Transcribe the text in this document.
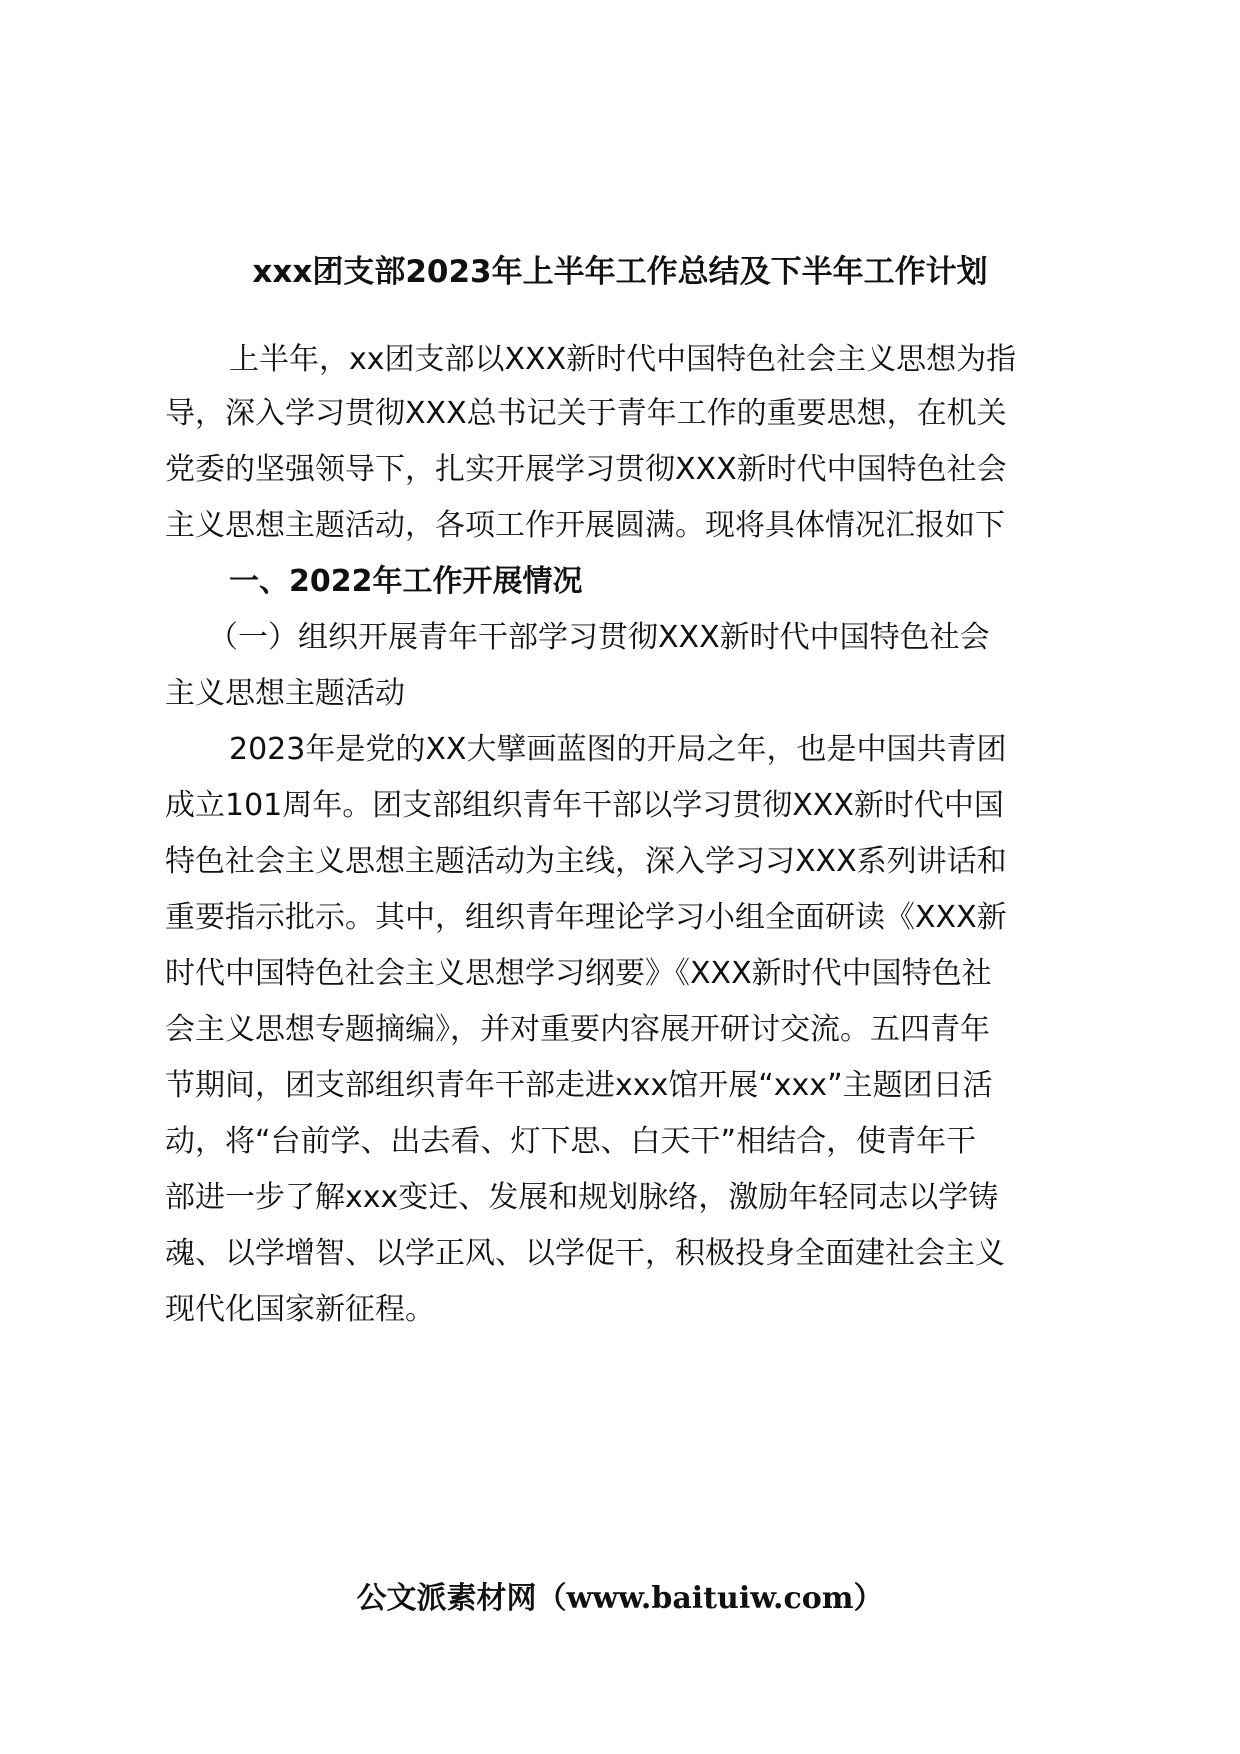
xxx团支部2023年上半年工作总结及下半年工作计划
上半年，xx团支部以XXX新时代中国特色社会主义思想为指
导，深入学习贯彻XXX总书记关于青年工作的重要思想，在机关
党委的坚强领导下，扎实开展学习贯彻XXX新时代中国特色社会
主义思想主题活动，各项工作开展圆满。现将具体情况汇报如下
一、2022年工作开展情况
（一）组织开展青年干部学习贯彻XXX新时代中国特色社会
主义思想主题活动
2023年是党的XX大擘画蓝图的开局之年，也是中国共青团
成立101周年。团支部组织青年干部以学习贯彻XXX新时代中国
特色社会主义思想主题活动为主线，深入学习习XXX系列讲话和
重要指示批示。其中，组织青年理论学习小组全面研读《XXX新
时代中国特色社会主义思想学习纲要》《XXX新时代中国特色社
会主义思想专题摘编》，并对重要内容展开研讨交流。五四青年
节期间，团支部组织青年干部走进xxx馆开展“xxx”主题团日活
动，将“台前学、出去看、灯下思、白天干”相结合，使青年干
部进一步了解xxx变迁、发展和规划脉络，激励年轻同志以学铸
魂、以学增智、以学正风、以学促干，积极投身全面建社会主义
现代化国家新征程。
公文派素材网（www.baituiw.com）
